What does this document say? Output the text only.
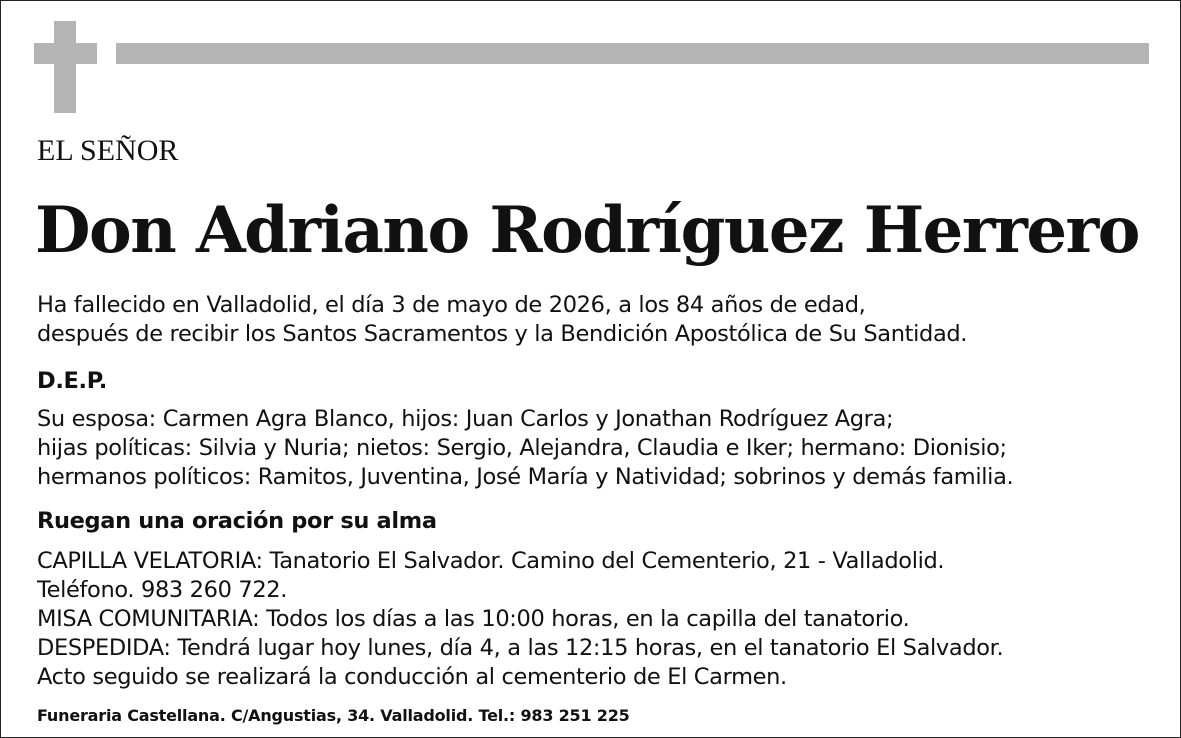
EL SEÑOR
Don Adriano Rodríguez Herrero
Ha fallecido en Valladolid, el día 3 de mayo de 2026, a los 84 años de edad,
después de recibir los Santos Sacramentos y la Bendición Apostólica de Su Santidad.
D.E.P.
Su esposa: Carmen Agra Blanco, hijos: Juan Carlos y Jonathan Rodríguez Agra;
hijas políticas: Silvia y Nuria; nietos: Sergio, Alejandra, Claudia e Iker; hermano: Dionisio;
hermanos políticos: Ramitos, Juventina, José María y Natividad; sobrinos y demás familia.
Ruegan una oración por su alma
CAPILLA VELATORIA: Tanatorio El Salvador. Camino del Cementerio, 21 - Valladolid.
Teléfono. 983 260 722.
MISA COMUNITARIA: Todos los días a las 10:00 horas, en la capilla del tanatorio.
DESPEDIDA: Tendrá lugar hoy lunes, día 4, a las 12:15 horas, en el tanatorio El Salvador.
Acto seguido se realizará la conducción al cementerio de El Carmen.
Funeraria Castellana. C/Angustias, 34. Valladolid. Tel.: 983 251 225
